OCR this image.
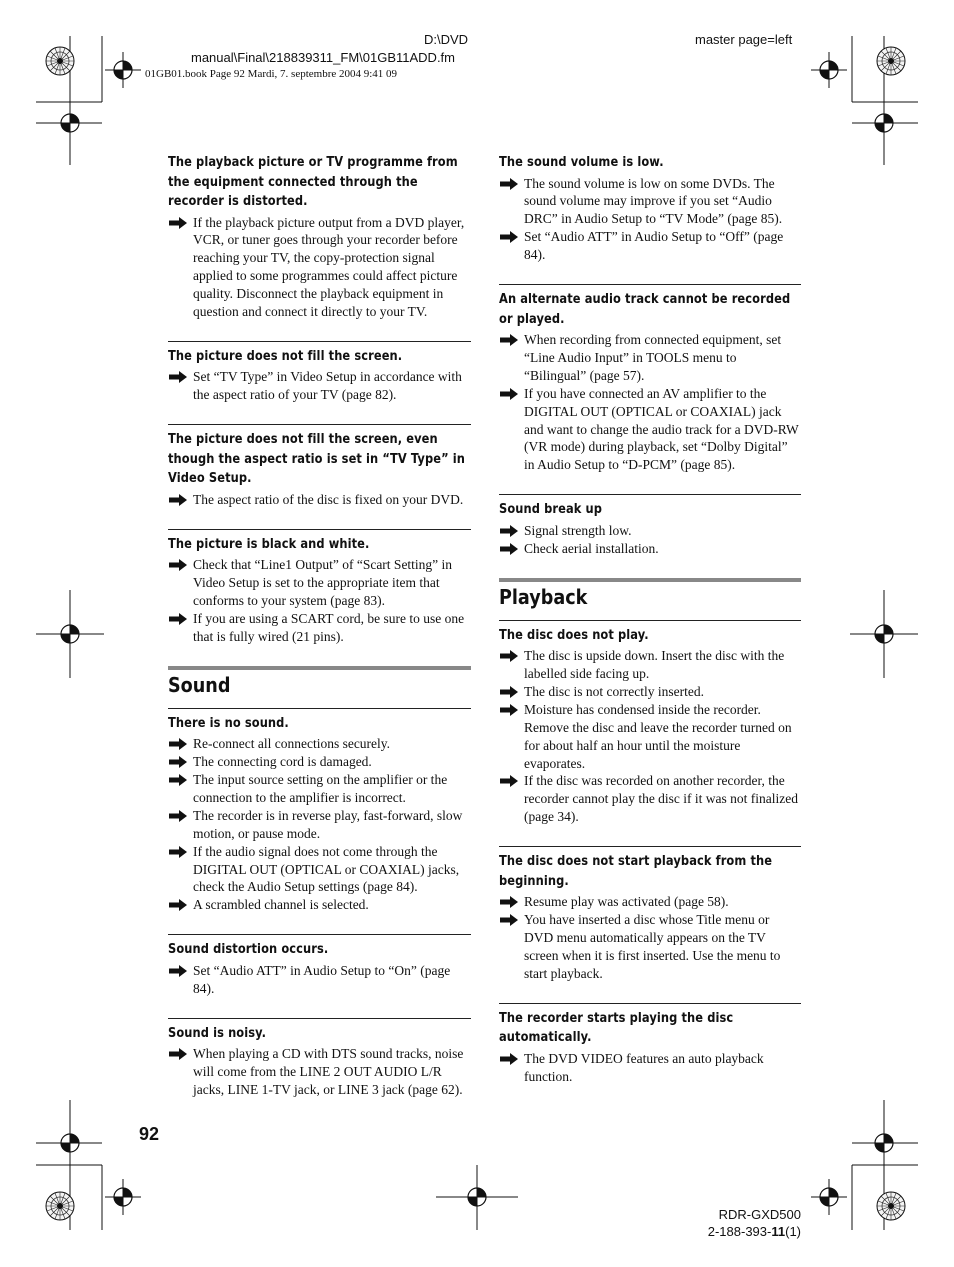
D:\DVD
manual\Final\218839311_FM\01GB11ADD.fm
master page=left
01GB01.book Page 92 Mardi, 7. septembre 2004 9:41 09
The playback picture or TV programme from the equipment connected through the recorder is distorted.
If the playback picture output from a DVD player, VCR, or tuner goes through your recorder before reaching your TV, the copy-protection signal applied to some programmes could affect picture quality. Disconnect the playback equipment in question and connect it directly to your TV.
The picture does not fill the screen.
Set “TV Type” in Video Setup in accordance with the aspect ratio of your TV (page 82).
The picture does not fill the screen, even though the aspect ratio is set in “TV Type” in Video Setup.
The aspect ratio of the disc is fixed on your DVD.
The picture is black and white.
Check that “Line1 Output” of “Scart Setting” in Video Setup is set to the appropriate item that conforms to your system (page 83).
If you are using a SCART cord, be sure to use one that is fully wired (21 pins).
Sound
There is no sound.
Re-connect all connections securely.
The connecting cord is damaged.
The input source setting on the amplifier or the connection to the amplifier is incorrect.
The recorder is in reverse play, fast-forward, slow motion, or pause mode.
If the audio signal does not come through the DIGITAL OUT (OPTICAL or COAXIAL) jacks, check the Audio Setup settings (page 84).
A scrambled channel is selected.
Sound distortion occurs.
Set “Audio ATT” in Audio Setup to “On” (page 84).
Sound is noisy.
When playing a CD with DTS sound tracks, noise will come from the LINE 2 OUT AUDIO L/R jacks, LINE 1-TV jack, or LINE 3 jack (page 62).
The sound volume is low.
The sound volume is low on some DVDs. The sound volume may improve if you set “Audio DRC” in Audio Setup to “TV Mode” (page 85).
Set “Audio ATT” in Audio Setup to “Off” (page 84).
An alternate audio track cannot be recorded or played.
When recording from connected equipment, set “Line Audio Input” in TOOLS menu to “Bilingual” (page 57).
If you have connected an AV amplifier to the DIGITAL OUT (OPTICAL or COAXIAL) jack and want to change the audio track for a DVD-RW (VR mode) during playback, set “Dolby Digital” in Audio Setup to “D-PCM” (page 85).
Sound break up
Signal strength low.
Check aerial installation.
Playback
The disc does not play.
The disc is upside down. Insert the disc with the labelled side facing up.
The disc is not correctly inserted.
Moisture has condensed inside the recorder. Remove the disc and leave the recorder turned on for about half an hour until the moisture evaporates.
If the disc was recorded on another recorder, the recorder cannot play the disc if it was not finalized (page 34).
The disc does not start playback from the beginning.
Resume play was activated (page 58).
You have inserted a disc whose Title menu or DVD menu automatically appears on the TV screen when it is first inserted. Use the menu to start playback.
The recorder starts playing the disc automatically.
The DVD VIDEO features an auto playback function.
92
RDR-GXD500
2-188-393-11(1)
